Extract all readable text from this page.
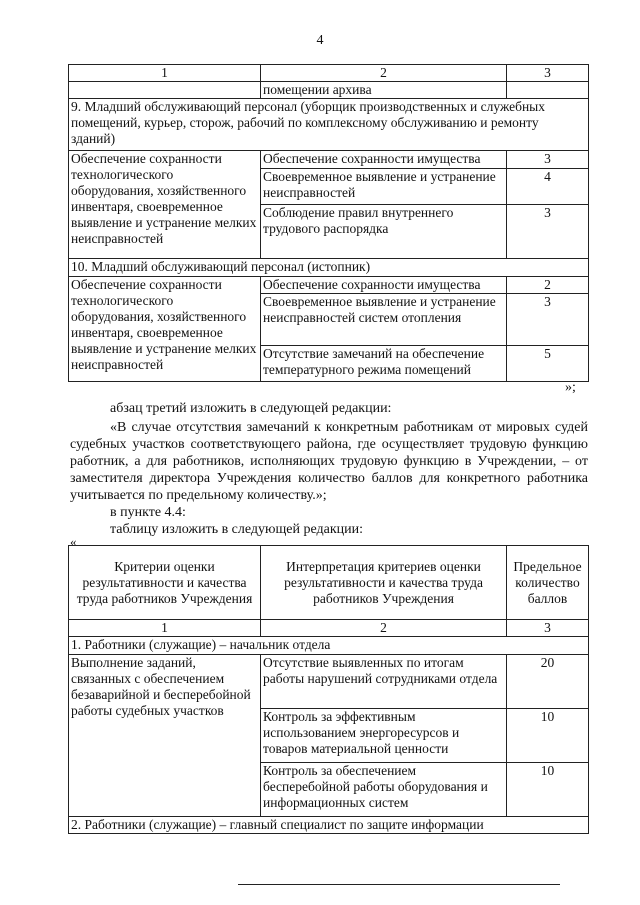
4
1	2	3
	помещении архива	
9. Младший обслуживающий персонал (уборщик производственных и служебных помещений, курьер, сторож, рабочий по комплексному обслуживанию и ремонту зданий)		
Обеспечение сохранности технологического оборудования, хозяйственного инвентаря, своевременное выявление и устранение мелких неисправностей	Обеспечение сохранности имущества	3
	Своевременное выявление и устранение неисправностей	4
	Соблюдение правил внутреннего трудового распорядка	3
10. Младший обслуживающий персонал (истопник)		
Обеспечение сохранности технологического оборудования, хозяйственного инвентаря, своевременное выявление и устранение мелких неисправностей	Обеспечение сохранности имущества	2
	Своевременное выявление и устранение неисправностей систем отопления	3
	Отсутствие замечаний на обеспечение температурного режима помещений	5
»;

абзац третий изложить в следующей редакции:

«В случае отсутствия замечаний к конкретным работникам от мировых судей судебных участков соответствующего района, где осуществляет трудовую функцию работник, а для работников, исполняющих трудовую функцию в Учреждении, – от заместителя директора Учреждения количество баллов для конкретного работника учитывается по предельному количеству.»;

в пункте 4.4:

таблицу изложить в следующей редакции:

«
Критерии оценки результативности и качества труда работников Учреждения	Интерпретация критериев оценки результативности и качества труда работников Учреждения	Предельное количество баллов
1	2	3
1. Работники (служащие) – начальник отдела		
Выполнение заданий, связанных с обеспечением безаварийной и бесперебойной работы судебных участков	Отсутствие выявленных по итогам работы нарушений сотрудниками отдела	20
	Контроль за эффективным использованием энергоресурсов и товаров материальной ценности	10
	Контроль за обеспечением бесперебойной работы оборудования и информационных систем	10
2. Работники (служащие) – главный специалист по защите информации		
